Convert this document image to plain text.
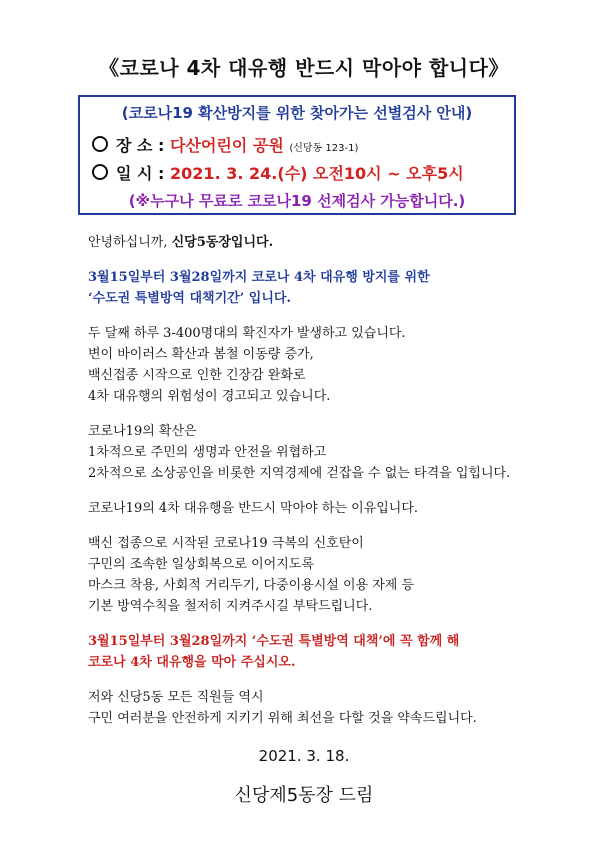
《코로나 4차 대유행 반드시 막아야 합니다》
(코로나19 확산방지를 위한 찾아가는 선별검사 안내)
장 소 : 다산어린이 공원 (신당동 123-1)
일 시 : 2021. 3. 24.(수) 오전10시 ~ 오후5시
(※누구나 무료로 코로나19 선제검사 가능합니다.)

안녕하십니까, 신당5동장입니다.

3월15일부터 3월28일까지 코로나 4차 대유행 방지를 위한
‘수도권 특별방역 대책기간’ 입니다.

두 달째 하루 3-400명대의 확진자가 발생하고 있습니다.
변이 바이러스 확산과 봄철 이동량 증가,
백신접종 시작으로 인한 긴장감 완화로
4차 대유행의 위험성이 경고되고 있습니다.

코로나19의 확산은
1차적으로 주민의 생명과 안전을 위협하고
2차적으로 소상공인을 비롯한 지역경제에 걷잡을 수 없는 타격을 입힙니다.

코로나19의 4차 대유행을 반드시 막아야 하는 이유입니다.

백신 접종으로 시작된 코로나19 극복의 신호탄이
구민의 조속한 일상회복으로 이어지도록
마스크 착용, 사회적 거리두기, 다중이용시설 이용 자제 등
기본 방역수칙을 철저히 지켜주시길 부탁드립니다.

3월15일부터 3월28일까지 ‘수도권 특별방역 대책’에 꼭 함께 해
코로나 4차 대유행을 막아 주십시오.

저와 신당5동 모든 직원들 역시
구민 여러분을 안전하게 지키기 위해 최선을 다할 것을 약속드립니다.

2021. 3. 18.
신당제5동장 드림
